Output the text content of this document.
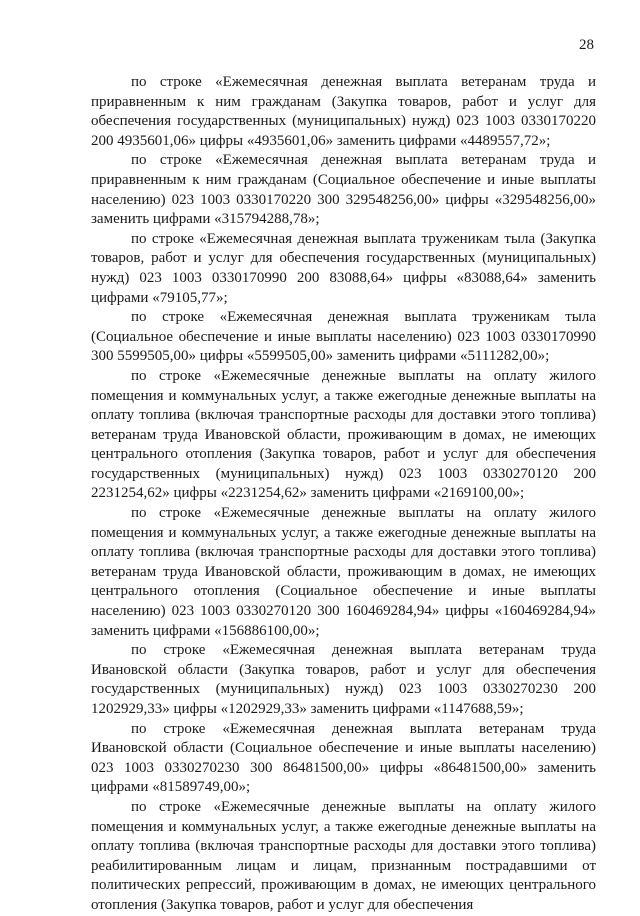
28

по строке «Ежемесячная денежная выплата ветеранам труда и приравненным к ним гражданам (Закупка товаров, работ и услуг для обеспечения государственных (муниципальных) нужд) 023 1003 0330170220 200 4935601,06» цифры «4935601,06» заменить цифрами «4489557,72»;

по строке «Ежемесячная денежная выплата ветеранам труда и приравненным к ним гражданам (Социальное обеспечение и иные выплаты населению) 023 1003 0330170220 300 329548256,00» цифры «329548256,00» заменить цифрами «315794288,78»;

по строке «Ежемесячная денежная выплата труженикам тыла (Закупка товаров, работ и услуг для обеспечения государственных (муниципальных) нужд) 023 1003 0330170990 200 83088,64» цифры «83088,64» заменить цифрами «79105,77»;

по строке «Ежемесячная денежная выплата труженикам тыла (Социальное обеспечение и иные выплаты населению) 023 1003 0330170990 300 5599505,00» цифры «5599505,00» заменить цифрами «5111282,00»;

по строке «Ежемесячные денежные выплаты на оплату жилого помещения и коммунальных услуг, а также ежегодные денежные выплаты на оплату топлива (включая транспортные расходы для доставки этого топлива) ветеранам труда Ивановской области, проживающим в домах, не имеющих центрального отопления (Закупка товаров, работ и услуг для обеспечения государственных (муниципальных) нужд) 023 1003 0330270120 200 2231254,62» цифры «2231254,62» заменить цифрами «2169100,00»;

по строке «Ежемесячные денежные выплаты на оплату жилого помещения и коммунальных услуг, а также ежегодные денежные выплаты на оплату топлива (включая транспортные расходы для доставки этого топлива) ветеранам труда Ивановской области, проживающим в домах, не имеющих центрального отопления (Социальное обеспечение и иные выплаты населению) 023 1003 0330270120 300 160469284,94» цифры «160469284,94» заменить цифрами «156886100,00»;

по строке «Ежемесячная денежная выплата ветеранам труда Ивановской области (Закупка товаров, работ и услуг для обеспечения государственных (муниципальных) нужд) 023 1003 0330270230 200 1202929,33» цифры «1202929,33» заменить цифрами «1147688,59»;

по строке «Ежемесячная денежная выплата ветеранам труда Ивановской области (Социальное обеспечение и иные выплаты населению) 023 1003 0330270230 300 86481500,00» цифры «86481500,00» заменить цифрами «81589749,00»;

по строке «Ежемесячные денежные выплаты на оплату жилого помещения и коммунальных услуг, а также ежегодные денежные выплаты на оплату топлива (включая транспортные расходы для доставки этого топлива) реабилитированным лицам и лицам, признанным пострадавшими от политических репрессий, проживающим в домах, не имеющих центрального отопления (Закупка товаров, работ и услуг для обеспечения
